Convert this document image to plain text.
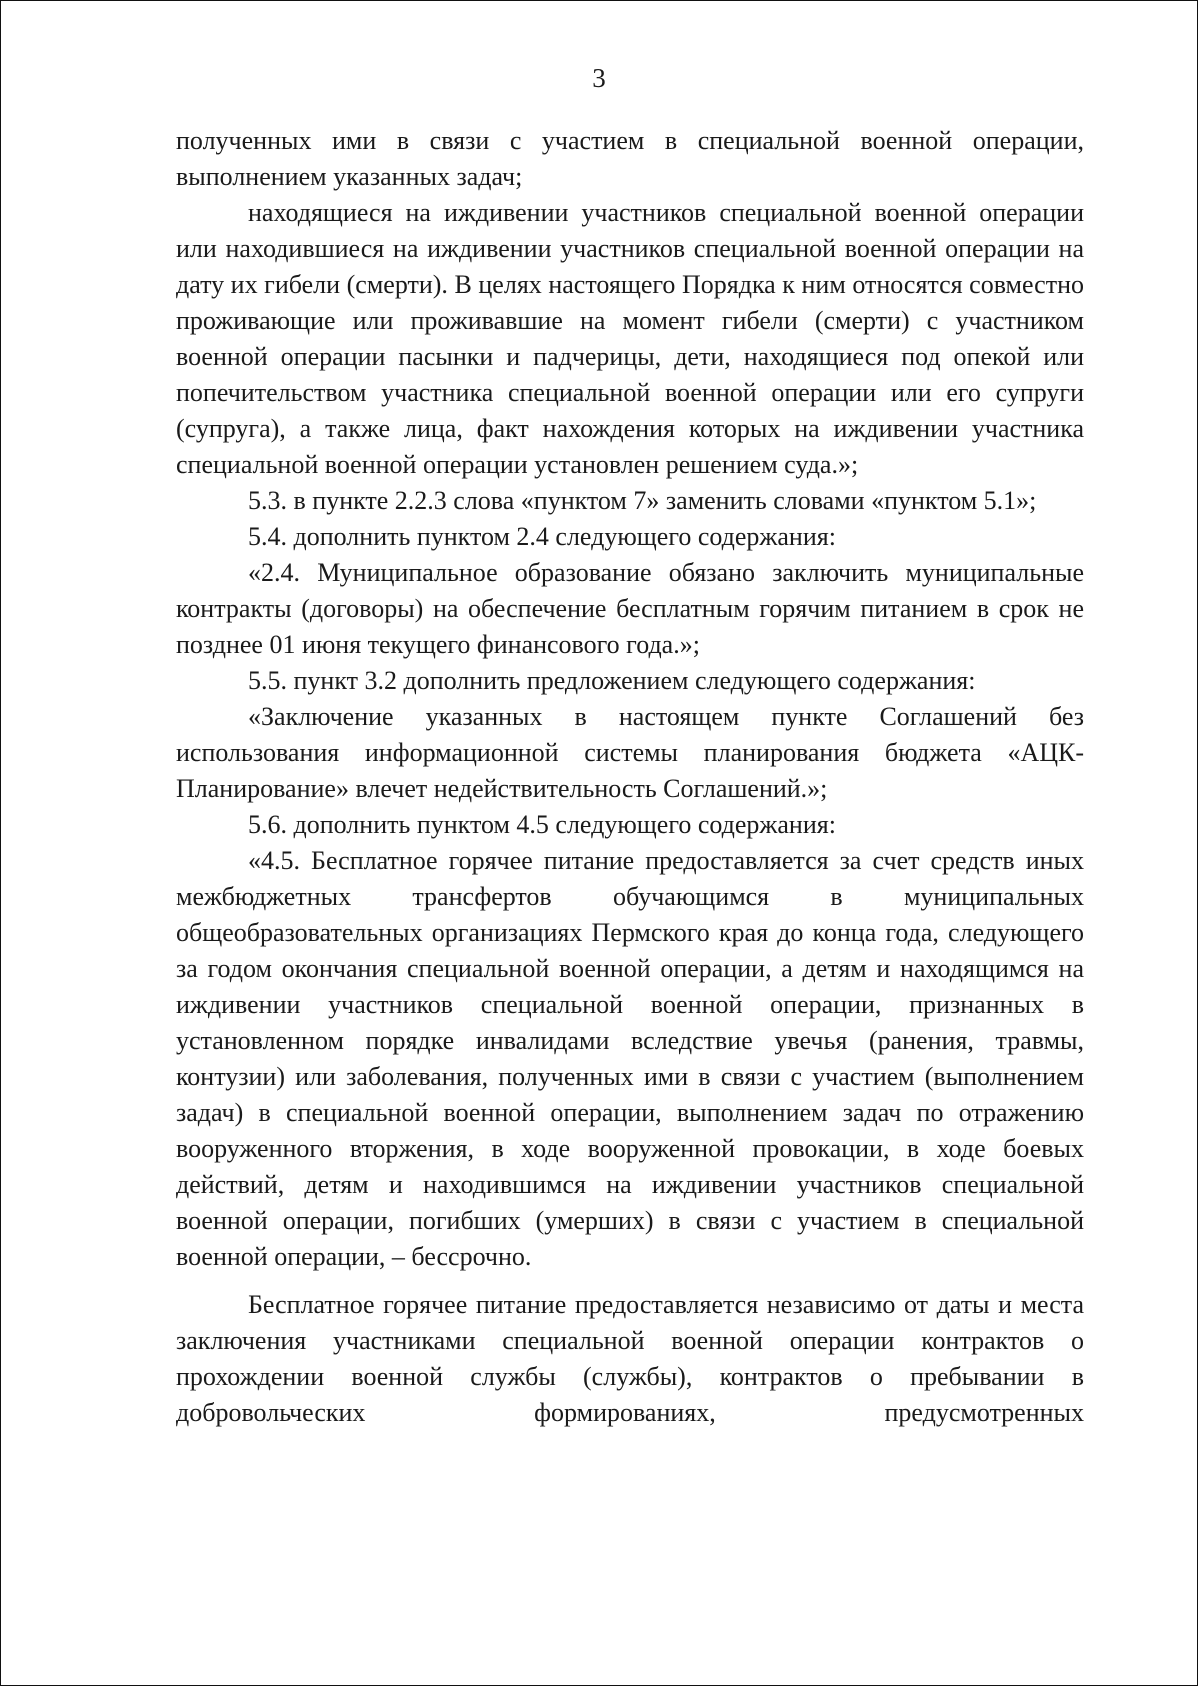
3

полученных ими в связи с участием в специальной военной операции, выполнением указанных задач;

находящиеся на иждивении участников специальной военной операции или находившиеся на иждивении участников специальной военной операции на дату их гибели (смерти). В целях настоящего Порядка к ним относятся совместно проживающие или проживавшие на момент гибели (смерти) с участником военной операции пасынки и падчерицы, дети, находящиеся под опекой или попечительством участника специальной военной операции или его супруги (супруга), а также лица, факт нахождения которых на иждивении участника специальной военной операции установлен решением суда.»;

5.3. в пункте 2.2.3 слова «пунктом 7» заменить словами «пунктом 5.1»;

5.4. дополнить пунктом 2.4 следующего содержания:

«2.4. Муниципальное образование обязано заключить муниципальные контракты (договоры) на обеспечение бесплатным горячим питанием в срок не позднее 01 июня текущего финансового года.»;

5.5. пункт 3.2 дополнить предложением следующего содержания:

«Заключение указанных в настоящем пункте Соглашений без использования информационной системы планирования бюджета «АЦК-Планирование» влечет недействительность Соглашений.»;

5.6. дополнить пунктом 4.5 следующего содержания:

«4.5. Бесплатное горячее питание предоставляется за счет средств иных межбюджетных трансфертов обучающимся в муниципальных общеобразовательных организациях Пермского края до конца года, следующего за годом окончания специальной военной операции, а детям и находящимся на иждивении участников специальной военной операции, признанных в установленном порядке инвалидами вследствие увечья (ранения, травмы, контузии) или заболевания, полученных ими в связи с участием (выполнением задач) в специальной военной операции, выполнением задач по отражению вооруженного вторжения, в ходе вооруженной провокации, в ходе боевых действий, детям и находившимся на иждивении участников специальной военной операции, погибших (умерших) в связи с участием в специальной военной операции, – бессрочно.

Бесплатное горячее питание предоставляется независимо от даты и места заключения участниками специальной военной операции контрактов о прохождении военной службы (службы), контрактов о пребывании в добровольческих формированиях, предусмотренных
